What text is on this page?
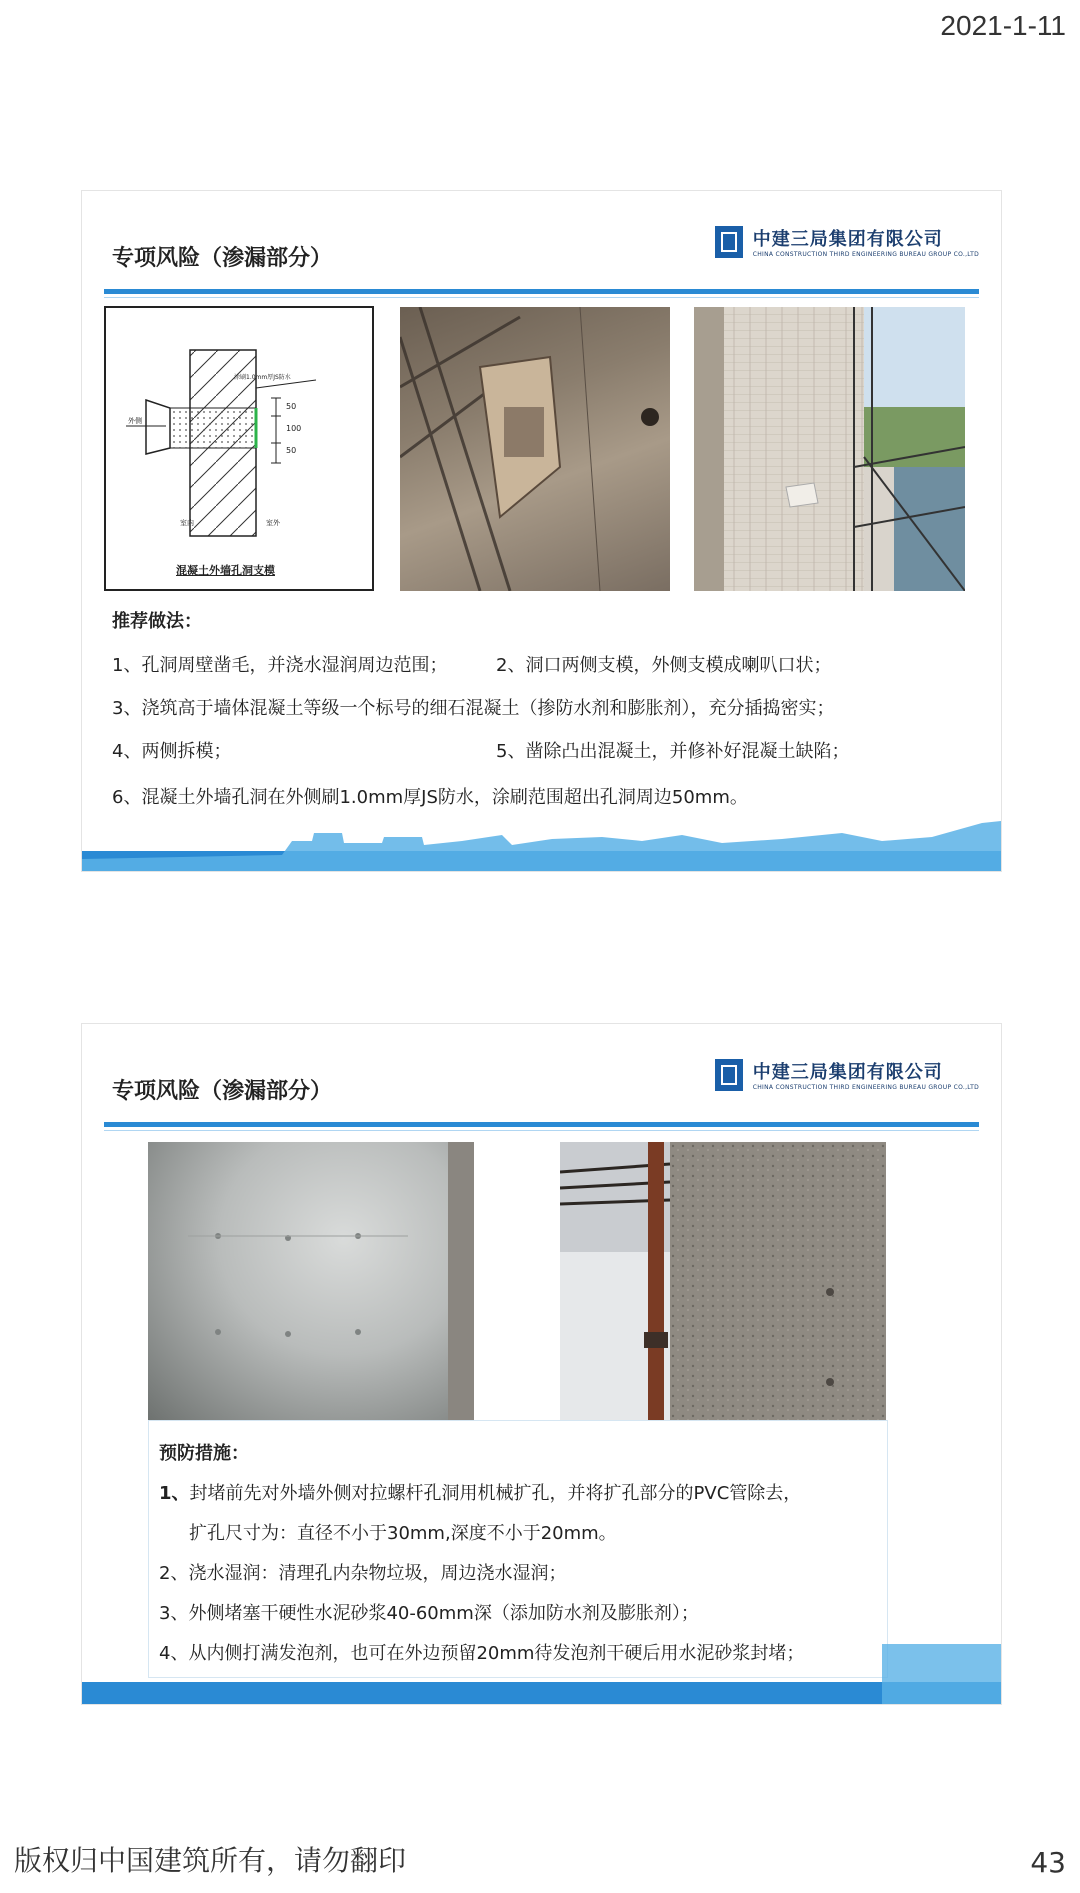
2021-1-11
专项风险（渗漏部分）
中建三局集团有限公司
CHINA CONSTRUCTION THIRD ENGINEERING BUREAU GROUP CO.,LTD
涂刷1.0mm厚JS防水
50
100
50
外侧
室内	室外
混凝土外墙孔洞支模
推荐做法：
1、孔洞周壁凿毛，并浇水湿润周边范围；	2、洞口两侧支模，外侧支模成喇叭口状；
3、浇筑高于墙体混凝土等级一个标号的细石混凝土（掺防水剂和膨胀剂），充分插捣密实；
4、两侧拆模；	5、凿除凸出混凝土，并修补好混凝土缺陷；
6、混凝土外墙孔洞在外侧刷1.0mm厚JS防水，涂刷范围超出孔洞周边50mm。
专项风险（渗漏部分）
中建三局集团有限公司
CHINA CONSTRUCTION THIRD ENGINEERING BUREAU GROUP CO.,LTD
预防措施：
1、封堵前先对外墙外侧对拉螺杆孔洞用机械扩孔，并将扩孔部分的PVC管除去，
扩孔尺寸为：直径不小于30mm,深度不小于20mm。
2、浇水湿润：清理孔内杂物垃圾，周边浇水湿润；
3、外侧堵塞干硬性水泥砂浆40-60mm深（添加防水剂及膨胀剂）；
4、从内侧打满发泡剂，也可在外边预留20mm待发泡剂干硬后用水泥砂浆封堵；
版权归中国建筑所有，请勿翻印	43
